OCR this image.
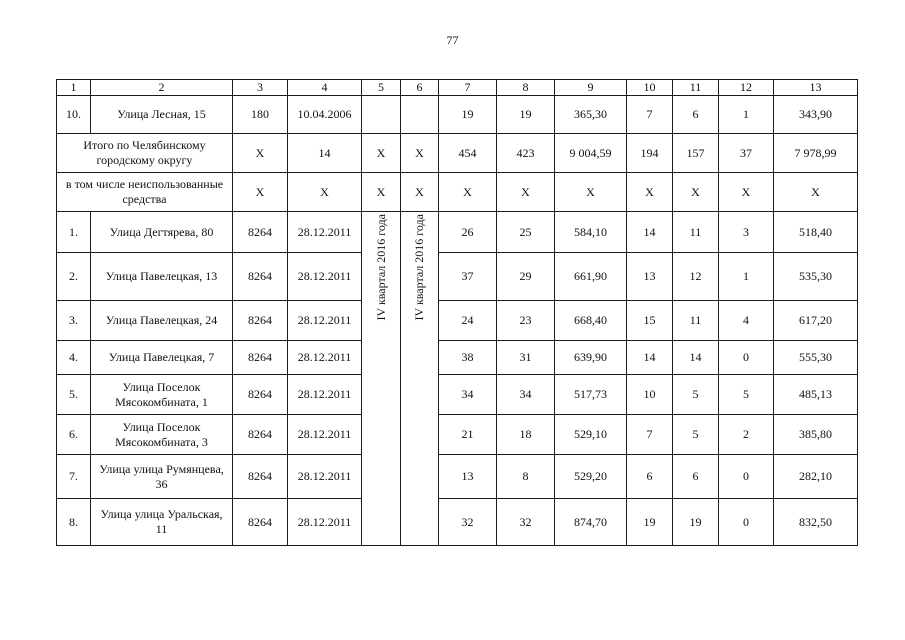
77
1	2	3	4	5	6	7	8	9	10	11	12	13
10.	Улица Лесная, 15	180	10.04.2006			19	19	365,30	7	6	1	343,90
Итого по Челябинскому городскому округу		Х	14	Х	Х	454	423	9 004,59	194	157	37	7 978,99
в том числе неиспользованные средства		Х	Х	Х	Х	Х	Х	Х	Х	Х	Х	Х
1.	Улица Дегтярева, 80	8264	28.12.2011	IV квартал 2016 года	IV квартал 2016 года	26	25	584,10	14	11	3	518,40
2.	Улица Павелецкая, 13	8264	28.12.2011			37	29	661,90	13	12	1	535,30
3.	Улица Павелецкая, 24	8264	28.12.2011			24	23	668,40	15	11	4	617,20
4.	Улица Павелецкая, 7	8264	28.12.2011			38	31	639,90	14	14	0	555,30
5.	Улица Поселок Мясокомбината, 1	8264	28.12.2011			34	34	517,73	10	5	5	485,13
6.	Улица Поселок Мясокомбината, 3	8264	28.12.2011			21	18	529,10	7	5	2	385,80
7.	Улица улица Румянцева, 36	8264	28.12.2011			13	8	529,20	6	6	0	282,10
8.	Улица улица Уральская, 11	8264	28.12.2011			32	32	874,70	19	19	0	832,50
